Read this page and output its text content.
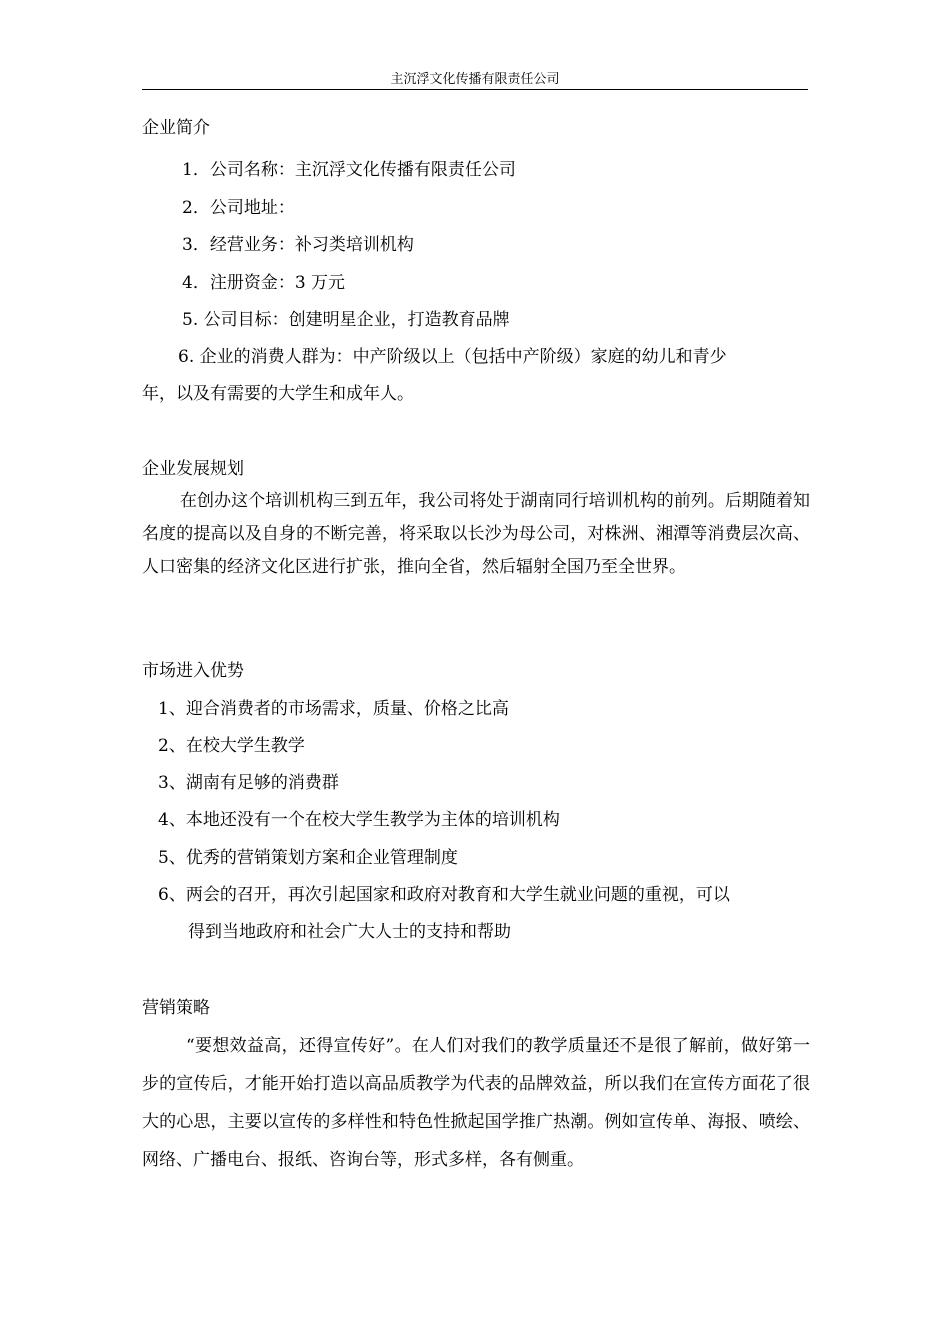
主沉浮文化传播有限责任公司
企业简介
1．公司名称：主沉浮文化传播有限责任公司
2．公司地址：
3．经营业务：补习类培训机构
4．注册资金：3 万元
5. 公司目标：创建明星企业，打造教育品牌
6. 企业的消费人群为：中产阶级以上（包括中产阶级）家庭的幼儿和青少
年，以及有需要的大学生和成年人。
企业发展规划
在创办这个培训机构三到五年，我公司将处于湖南同行培训机构的前列。后期随着知名度的提高以及自身的不断完善，将采取以长沙为母公司，对株洲、湘潭等消费层次高、人口密集的经济文化区进行扩张，推向全省，然后辐射全国乃至全世界。
市场进入优势
1、迎合消费者的市场需求，质量、价格之比高
2、在校大学生教学
3、湖南有足够的消费群
4、本地还没有一个在校大学生教学为主体的培训机构
5、优秀的营销策划方案和企业管理制度
6、两会的召开，再次引起国家和政府对教育和大学生就业问题的重视，可以
得到当地政府和社会广大人士的支持和帮助
营销策略
“要想效益高，还得宣传好”。在人们对我们的教学质量还不是很了解前，做好第一步的宣传后，才能开始打造以高品质教学为代表的品牌效益，所以我们在宣传方面花了很大的心思，主要以宣传的多样性和特色性掀起国学推广热潮。例如宣传单、海报、喷绘、网络、广播电台、报纸、咨询台等，形式多样，各有侧重。
